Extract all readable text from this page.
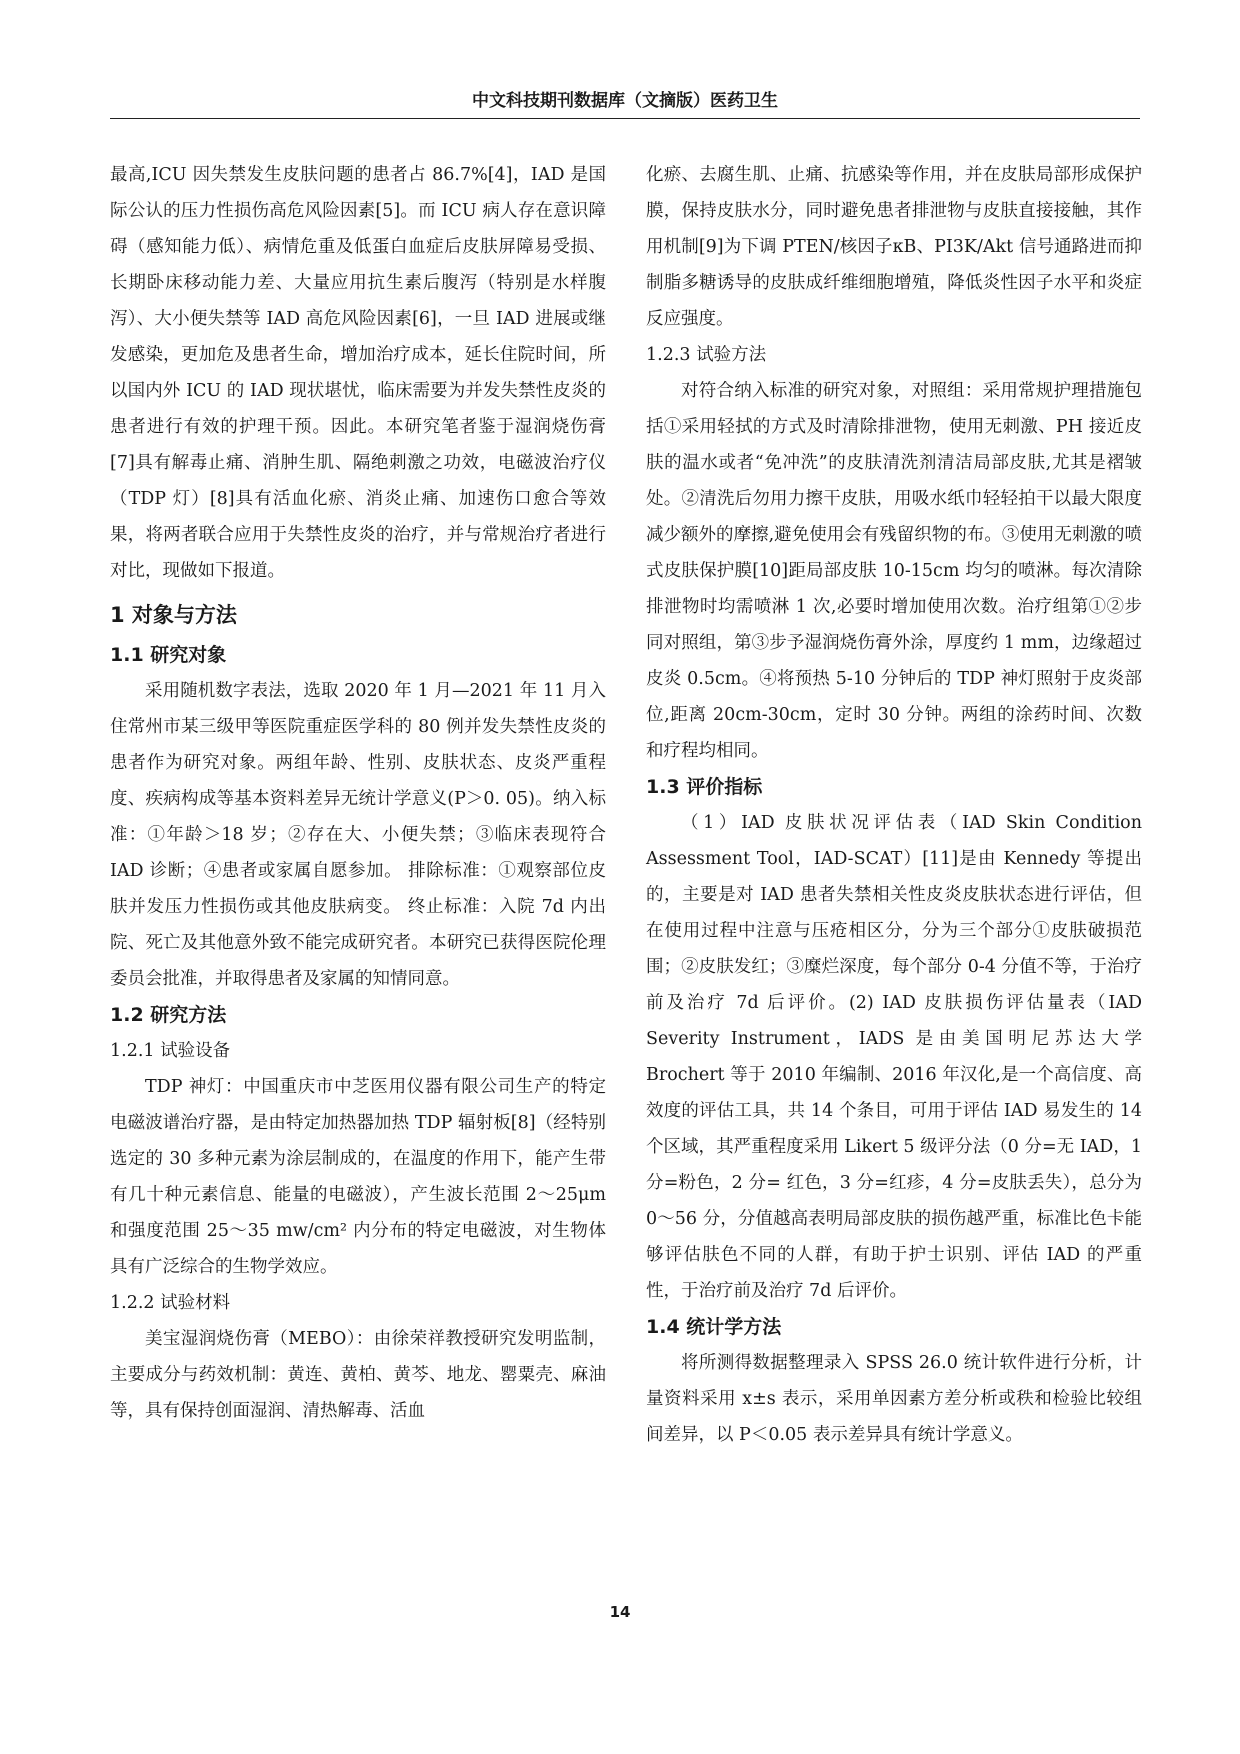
中文科技期刊数据库（文摘版）医药卫生

最高,ICU 因失禁发生皮肤问题的患者占 86.7%[4]，IAD 是国际公认的压力性损伤高危风险因素[5]。而 ICU 病人存在意识障碍（感知能力低）、病情危重及低蛋白血症后皮肤屏障易受损、长期卧床移动能力差、大量应用抗生素后腹泻（特别是水样腹泻）、大小便失禁等 IAD 高危风险因素[6]，一旦 IAD 进展或继发感染，更加危及患者生命，增加治疗成本，延长住院时间，所以国内外 ICU 的 IAD 现状堪忧，临床需要为并发失禁性皮炎的患者进行有效的护理干预。因此。本研究笔者鉴于湿润烧伤膏[7]具有解毒止痛、消肿生肌、隔绝刺激之功效，电磁波治疗仪（TDP 灯）[8]具有活血化瘀、消炎止痛、加速伤口愈合等效果，将两者联合应用于失禁性皮炎的治疗，并与常规治疗者进行对比，现做如下报道。

1 对象与方法
1.1 研究对象

采用随机数字表法，选取 2020 年 1 月—2021 年 11 月入住常州市某三级甲等医院重症医学科的 80 例并发失禁性皮炎的患者作为研究对象。两组年龄、性别、皮肤状态、皮炎严重程度、疾病构成等基本资料差异无统计学意义(P＞0. 05)。纳入标准：①年龄＞18 岁；②存在大、小便失禁；③临床表现符合 IAD 诊断；④患者或家属自愿参加。 排除标准：①观察部位皮肤并发压力性损伤或其他皮肤病变。 终止标准：入院 7d 内出院、死亡及其他意外致不能完成研究者。本研究已获得医院伦理委员会批准，并取得患者及家属的知情同意。

1.2 研究方法
1.2.1 试验设备

TDP 神灯：中国重庆市中芝医用仪器有限公司生产的特定电磁波谱治疗器，是由特定加热器加热 TDP 辐射板[8]（经特别选定的 30 多种元素为涂层制成的，在温度的作用下，能产生带有几十种元素信息、能量的电磁波），产生波长范围 2～25μm 和强度范围 25～35 mw/cm² 内分布的特定电磁波，对生物体具有广泛综合的生物学效应。

1.2.2 试验材料

美宝湿润烧伤膏（MEBO）：由徐荣祥教授研究发明监制，主要成分与药效机制：黄连、黄柏、黄芩、地龙、罂粟壳、麻油等，具有保持创面湿润、清热解毒、活血

化瘀、去腐生肌、止痛、抗感染等作用，并在皮肤局部形成保护膜，保持皮肤水分，同时避免患者排泄物与皮肤直接接触，其作用机制[9]为下调 PTEN/核因子κB、PI3K/Akt 信号通路进而抑制脂多糖诱导的皮肤成纤维细胞增殖，降低炎性因子水平和炎症反应强度。

1.2.3 试验方法

对符合纳入标准的研究对象，对照组：采用常规护理措施包括①采用轻拭的方式及时清除排泄物，使用无刺激、PH 接近皮肤的温水或者“免冲洗”的皮肤清洗剂清洁局部皮肤,尤其是褶皱处。②清洗后勿用力擦干皮肤，用吸水纸巾轻轻拍干以最大限度减少额外的摩擦,避免使用会有残留织物的布。③使用无刺激的喷式皮肤保护膜[10]距局部皮肤 10-15cm 均匀的喷淋。每次清除排泄物时均需喷淋 1 次,必要时增加使用次数。治疗组第①②步同对照组，第③步予湿润烧伤膏外涂，厚度约 1 mm，边缘超过皮炎 0.5cm。④将预热 5-10 分钟后的 TDP 神灯照射于皮炎部位,距离 20cm-30cm，定时 30 分钟。两组的涂药时间、次数和疗程均相同。

1.3 评价指标

（1）IAD 皮肤状况评估表（IAD Skin Condition Assessment Tool，IAD-SCAT）[11]是由 Kennedy 等提出的，主要是对 IAD 患者失禁相关性皮炎皮肤状态进行评估，但在使用过程中注意与压疮相区分，分为三个部分①皮肤破损范围；②皮肤发红；③糜烂深度，每个部分 0-4 分值不等，于治疗前及治疗 7d 后评价。(2) IAD 皮肤损伤评估量表（IAD Severity Instrument，IADS 是由美国明尼苏达大学 Brochert 等于 2010 年编制、2016 年汉化,是一个高信度、高效度的评估工具，共 14 个条目，可用于评估 IAD 易发生的 14 个区域，其严重程度采用 Likert 5 级评分法（0 分=无 IAD，1 分=粉色，2 分= 红色，3 分=红疹，4 分=皮肤丢失），总分为 0～56 分，分值越高表明局部皮肤的损伤越严重，标准比色卡能够评估肤色不同的人群，有助于护士识别、评估 IAD 的严重性，于治疗前及治疗 7d 后评价。

1.4 统计学方法

将所测得数据整理录入 SPSS 26.0 统计软件进行分析，计量资料采用 x±s 表示，采用单因素方差分析或秩和检验比较组间差异，以 P＜0.05 表示差异具有统计学意义。

14
